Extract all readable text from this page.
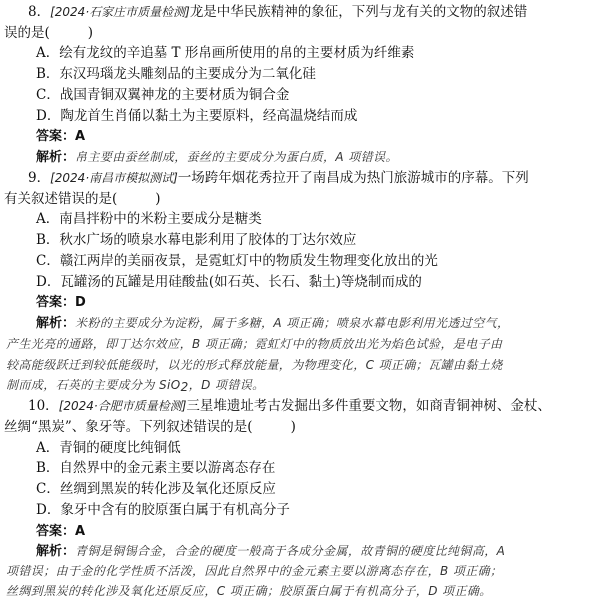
8．[2024·石家庄市质量检测]龙是中华民族精神的象征，下列与龙有关的文物的叙述错
误的是(	)
A．绘有龙纹的辛追墓 T 形帛画所使用的帛的主要材质为纤维素
B．东汉玛瑙龙头雕刻品的主要成分为二氧化硅
C．战国青铜双翼神龙的主要材质为铜合金
D．陶龙首生肖俑以黏土为主要原料，经高温烧结而成
答案：A
解析：帛主要由蚕丝制成，蚕丝的主要成分为蛋白质，A 项错误。
9．[2024·南昌市模拟测试]一场跨年烟花秀拉开了南昌成为热门旅游城市的序幕。下列
有关叙述错误的是(	)
A．南昌拌粉中的米粉主要成分是糖类
B．秋水广场的喷泉水幕电影利用了胶体的丁达尔效应
C．赣江两岸的美丽夜景，是霓虹灯中的物质发生物理变化放出的光
D．瓦罐汤的瓦罐是用硅酸盐(如石英、长石、黏土)等烧制而成的
答案：D
解析：米粉的主要成分为淀粉，属于多糖，A 项正确；喷泉水幕电影利用光透过空气，
产生光亮的通路，即丁达尔效应，B 项正确；霓虹灯中的物质放出光为焰色试验，是电子由
较高能级跃迁到较低能级时，以光的形式释放能量，为物理变化，C 项正确；瓦罐由黏土烧
制而成，石英的主要成分为 SiO$_2$，D 项错误。
10．[2024·合肥市质量检测]三星堆遗址考古发掘出多件重要文物，如商青铜神树、金杖、
丝绸“黑炭”、象牙等。下列叙述错误的是(	)
A．青铜的硬度比纯铜低
B．自然界中的金元素主要以游离态存在
C．丝绸到黑炭的转化涉及氧化还原反应
D．象牙中含有的胶原蛋白属于有机高分子
答案：A
解析：青铜是铜锡合金，合金的硬度一般高于各成分金属，故青铜的硬度比纯铜高，A
项错误；由于金的化学性质不活泼，因此自然界中的金元素主要以游离态存在，B 项正确；
丝绸到黑炭的转化涉及氧化还原反应，C 项正确；胶原蛋白属于有机高分子，D 项正确。
